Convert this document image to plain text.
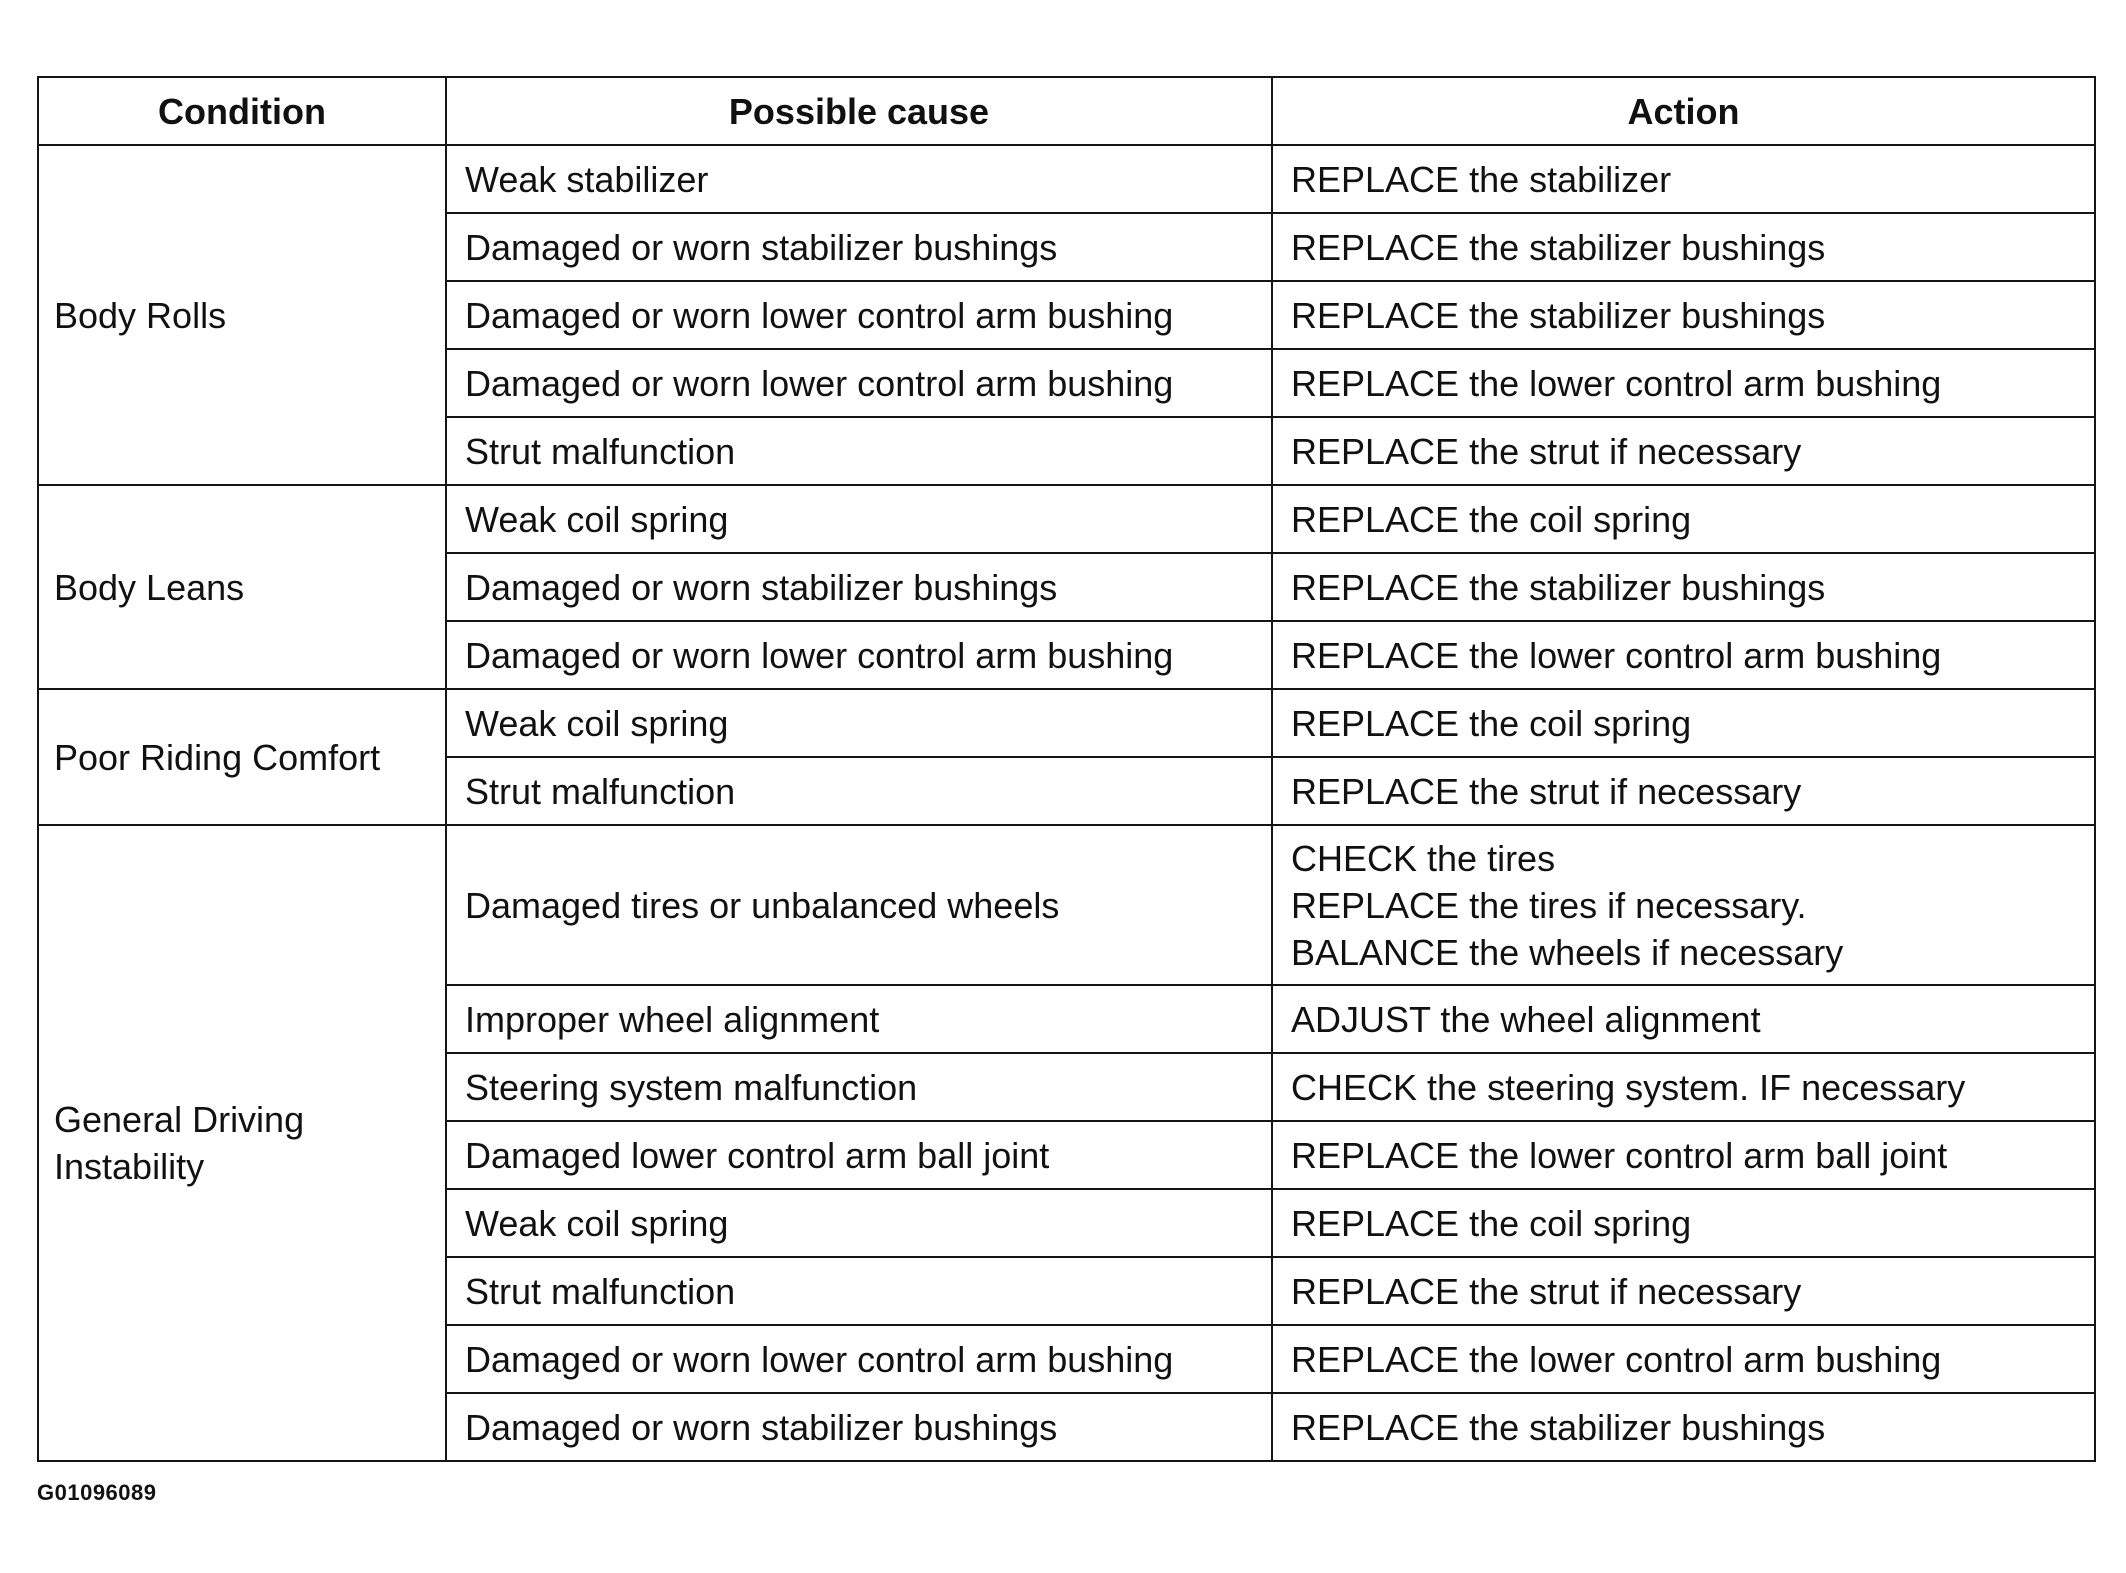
Condition	Possible cause	Action
Body Rolls	Weak stabilizer	REPLACE the stabilizer

	Damaged or worn stabilizer bushings	REPLACE the stabilizer bushings

	Damaged or worn lower control arm bushing	REPLACE the stabilizer bushings

	Damaged or worn lower control arm bushing	REPLACE the lower control arm bushing

	Strut malfunction	REPLACE the strut if necessary

Body Leans	Weak coil spring	REPLACE the coil spring

	Damaged or worn stabilizer bushings	REPLACE the stabilizer bushings

	Damaged or worn lower control arm bushing	REPLACE the lower control arm bushing

Poor Riding Comfort	Weak coil spring	REPLACE the coil spring

	Strut malfunction	REPLACE the strut if necessary

General Driving Instability	Damaged tires or unbalanced wheels	CHECK the tires
REPLACE the tires if necessary.
BALANCE the wheels if necessary

	Improper wheel alignment	ADJUST the wheel alignment

	Steering system malfunction	CHECK the steering system. IF necessary

	Damaged lower control arm ball joint	REPLACE the lower control arm ball joint

	Weak coil spring	REPLACE the coil spring

	Strut malfunction	REPLACE the strut if necessary

	Damaged or worn lower control arm bushing	REPLACE the lower control arm bushing

	Damaged or worn stabilizer bushings	REPLACE the stabilizer bushings
G01096089
